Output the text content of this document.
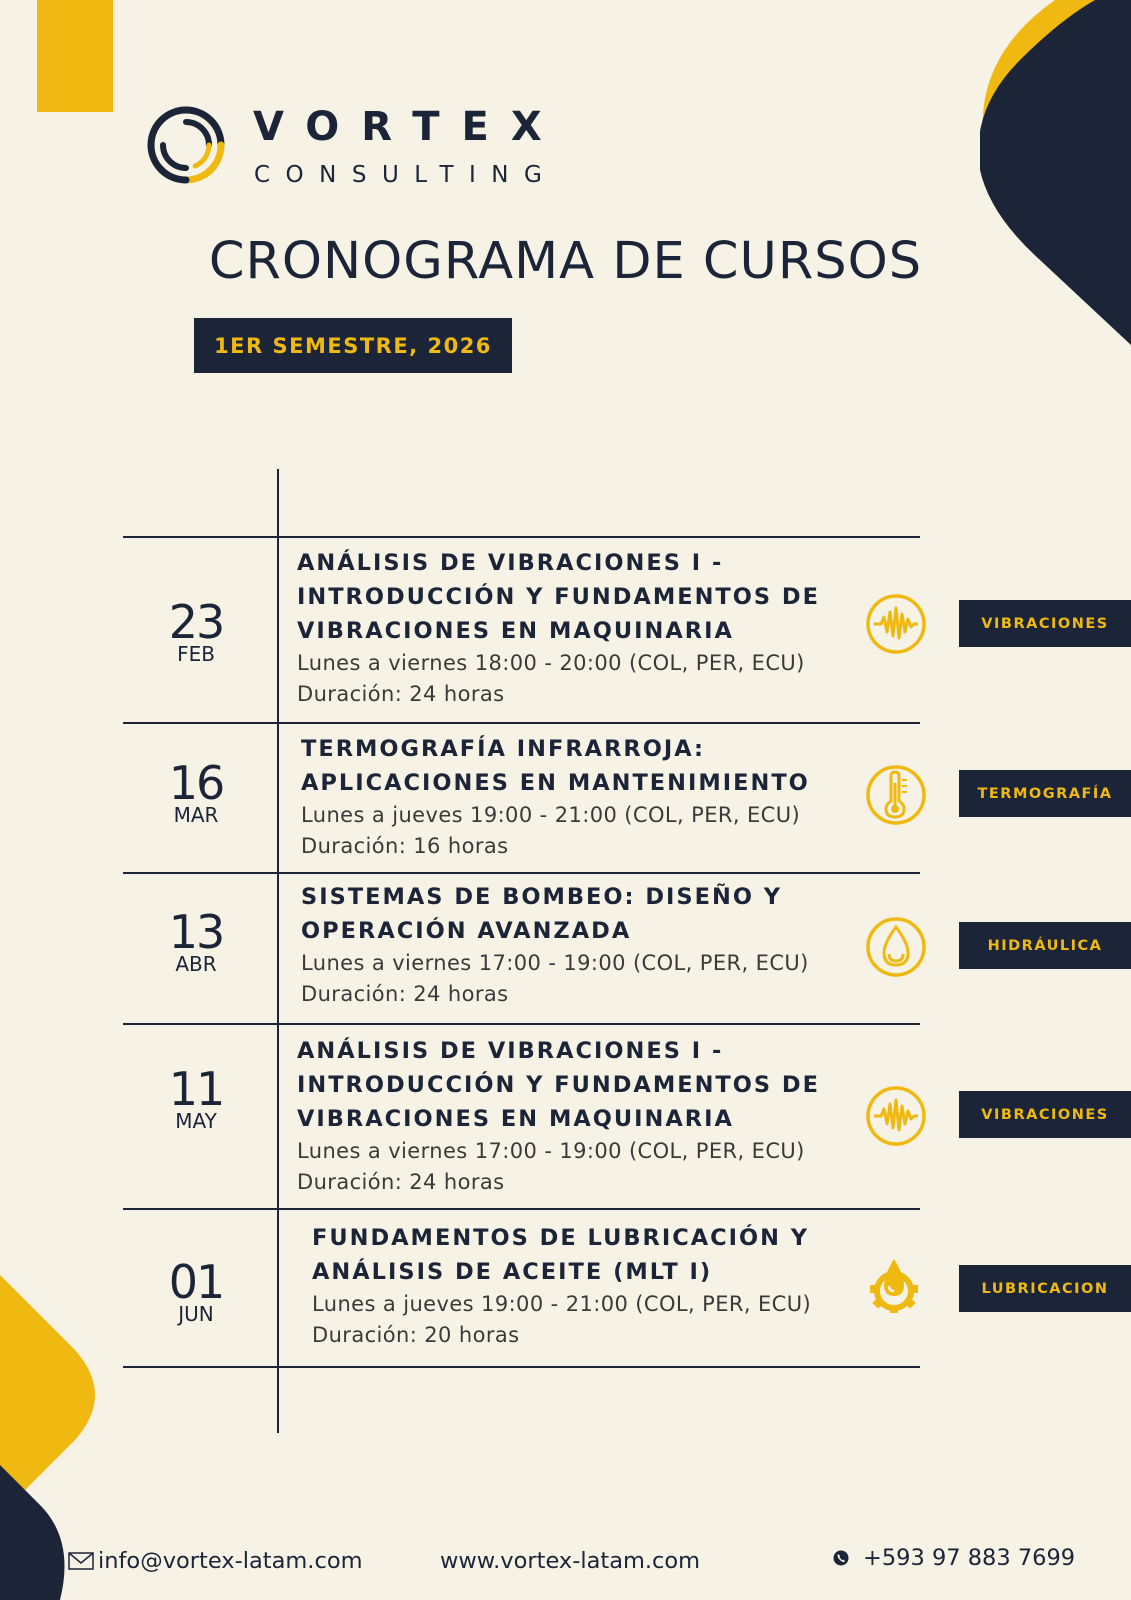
VORTEX
CONSULTING
CRONOGRAMA DE CURSOS
1ER SEMESTRE, 2026
23
FEB
ANÁLISIS DE VIBRACIONES I - INTRODUCCIÓN Y FUNDAMENTOS DE VIBRACIONES EN MAQUINARIA
Lunes a viernes 18:00 - 20:00 (COL, PER, ECU)
Duración: 24 horas
VIBRACIONES
16
MAR
TERMOGRAFÍA INFRARROJA: APLICACIONES EN MANTENIMIENTO
Lunes a jueves 19:00 - 21:00 (COL, PER, ECU)
Duración: 16 horas
TERMOGRAFÍA
13
ABR
SISTEMAS DE BOMBEO: DISEÑO Y OPERACIÓN AVANZADA
Lunes a viernes 17:00 - 19:00 (COL, PER, ECU)
Duración: 24 horas
HIDRÁULICA
11
MAY
ANÁLISIS DE VIBRACIONES I - INTRODUCCIÓN Y FUNDAMENTOS DE VIBRACIONES EN MAQUINARIA
Lunes a viernes 17:00 - 19:00 (COL, PER, ECU)
Duración: 24 horas
VIBRACIONES
01
JUN
FUNDAMENTOS DE LUBRICACIÓN Y ANÁLISIS DE ACEITE (MLT I)
Lunes a jueves 19:00 - 21:00 (COL, PER, ECU)
Duración: 20 horas
LUBRICACION
info@vortex-latam.com	www.vortex-latam.com	+593 97 883 7699
